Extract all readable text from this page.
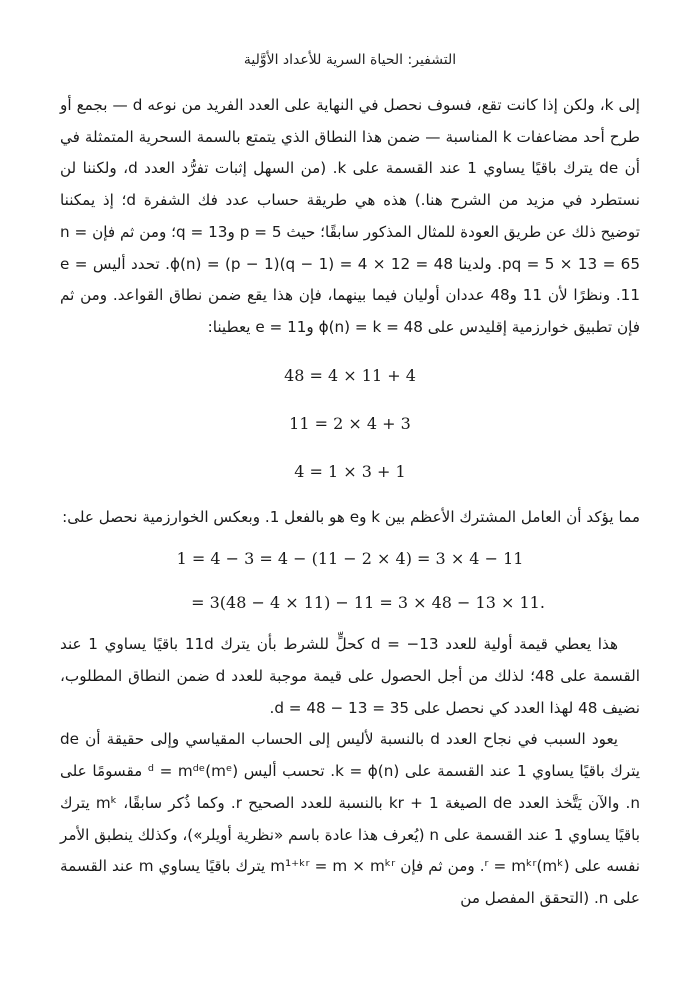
التشفير: الحياة السرية للأعداد الأوَّلية

إلى k، ولكن إذا كانت تقع، فسوف نحصل في النهاية على العدد الفريد من نوعه d — بجمع أو طرح أحد مضاعفات k المناسبة — ضمن هذا النطاق الذي يتمتع بالسمة السحرية المتمثلة في أن de يترك باقيًا يساوي 1 عند القسمة على k. (من السهل إثبات تفرُّد العدد d، ولكننا لن نستطرد في مزيد من الشرح هنا.) هذه هي طريقة حساب عدد فك الشفرة d؛ إذ يمكننا توضيح ذلك عن طريق العودة للمثال المذكور سابقًا؛ حيث p = 5 وq = 13؛ ومن ثم فإن n = pq = 5 × 13 = 65. ولدينا ϕ(n) = (p − 1)(q − 1) = 4 × 12 = 48. تحدد أليس e = 11. ونظرًا لأن 11 و48 عددان أوليان فيما بينهما، فإن هذا يقع ضمن نطاق القواعد. ومن ثم فإن تطبيق خوارزمية إقليدس على ϕ(n) = k = 48 وe = 11 يعطينا:

48 = 4 × 11 + 4
11 = 2 × 4 + 3
4 = 1 × 3 + 1

مما يؤكد أن العامل المشترك الأعظم بين k وe هو بالفعل 1. وبعكس الخوارزمية نحصل على:

1 = 4 − 3 = 4 − (11 − 2 × 4) = 3 × 4 − 11
= 3(48 − 4 × 11) − 11 = 3 × 48 − 13 × 11.

هذا يعطي قيمة أولية للعدد d = −13 كحلٍّ للشرط بأن يترك 11d باقيًا يساوي 1 عند القسمة على 48؛ لذلك من أجل الحصول على قيمة موجبة للعدد d ضمن النطاق المطلوب، نضيف 48 لهذا العدد كي نحصل على d = 48 − 13 = 35.

يعود السبب في نجاح العدد d بالنسبة لأليس إلى الحساب المقياسي وإلى حقيقة أن de يترك باقيًا يساوي 1 عند القسمة على k = ϕ(n). تحسب أليس (mᵉ)ᵈ = mᵈᵉ مقسومًا على n. والآن يَتَّخذ العدد de الصيغة 1 + kr بالنسبة للعدد الصحيح r. وكما ذُكر سابقًا، mᵏ يترك باقيًا يساوي 1 عند القسمة على n (يُعرف هذا عادة باسم «نظرية أويلر»)، وكذلك ينطبق الأمر نفسه على (mᵏ)ʳ = mᵏʳ. ومن ثم فإن m¹⁺ᵏʳ = m × mᵏʳ يترك باقيًا يساوي m عند القسمة على n. (التحقق المفصل من
